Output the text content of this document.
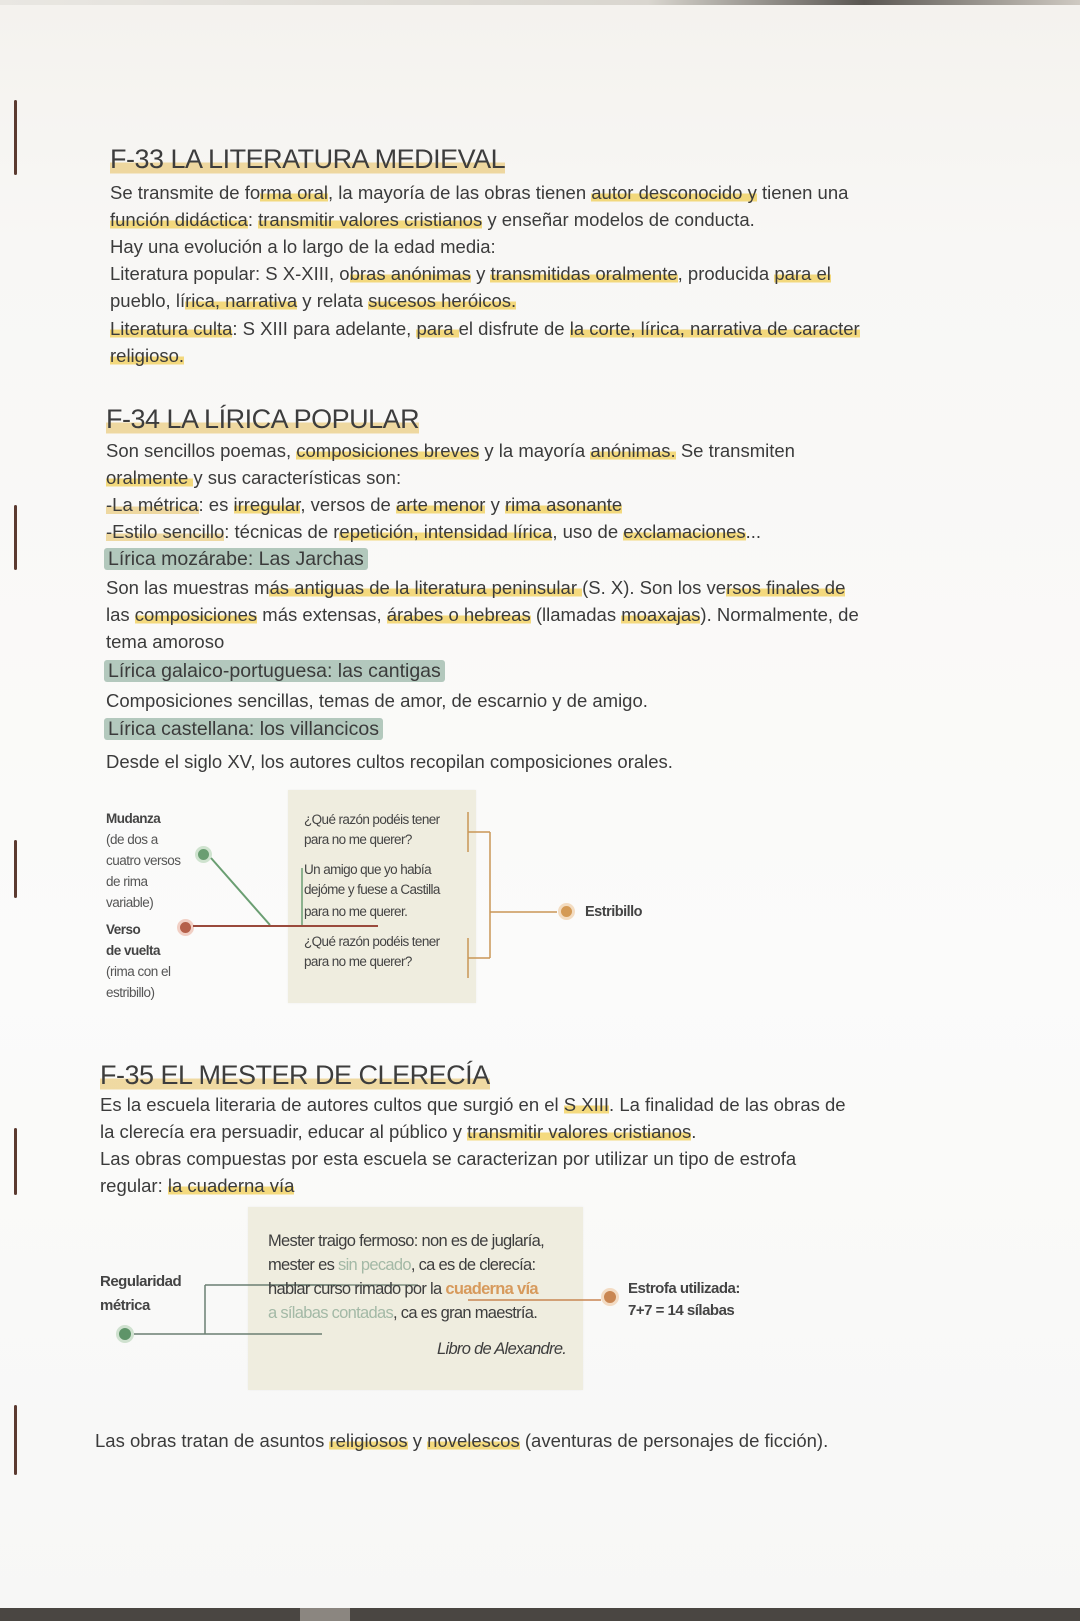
F-33 LA LITERATURA MEDIEVAL
Se transmite de forma oral, la mayoría de las obras tienen autor desconocido y tienen una
función didáctica: transmitir valores cristianos y enseñar modelos de conducta.
Hay una evolución a lo largo de la edad media:
Literatura popular: S X-XIII, obras anónimas y transmitidas oralmente, producida para el
pueblo, lírica, narrativa y relata sucesos heróicos.
Literatura culta: S XIII para adelante, para el disfrute de la corte, lírica, narrativa de caracter
religioso.
F-34 LA LÍRICA POPULAR
Son sencillos poemas, composiciones breves y la mayoría anónimas. Se transmiten
oralmente y sus características son:
-La métrica: es irregular, versos de arte menor y rima asonante
-Estilo sencillo: técnicas de repetición, intensidad lírica, uso de exclamaciones...
Lírica mozárabe: Las Jarchas
Son las muestras más antiguas de la literatura peninsular (S. X). Son los versos finales de
las composiciones más extensas, árabes o hebreas (llamadas moaxajas). Normalmente, de
tema amoroso
Lírica galaico-portuguesa: las cantigas
Composiciones sencillas, temas de amor, de escarnio y de amigo.
Lírica castellana: los villancicos
Desde el siglo XV, los autores cultos recopilan composiciones orales.
Mudanza
(de dos a
cuatro versos
de rima
variable)
Verso
de vuelta
(rima con el
estribillo)
¿Qué razón podéis tener
para no me querer?
Un amigo que yo había
dejóme y fuese a Castilla
para no me querer.
¿Qué razón podéis tener
para no me querer?
Estribillo
F-35 EL MESTER DE CLERECÍA
Es la escuela literaria de autores cultos que surgió en el S XIII. La finalidad de las obras de
la clerecía era persuadir, educar al público y transmitir valores cristianos.
Las obras compuestas por esta escuela se caracterizan por utilizar un tipo de estrofa
regular: la cuaderna vía
Regularidad
métrica
Mester traigo fermoso: non es de juglaría,
mester es sin pecado, ca es de clerecía:
hablar curso rimado por la cuaderna vía
a sílabas contadas, ca es gran maestría.
Libro de Alexandre.
Estrofa utilizada:
7+7 = 14 sílabas
Las obras tratan de asuntos religiosos y novelescos (aventuras de personajes de ficción).
